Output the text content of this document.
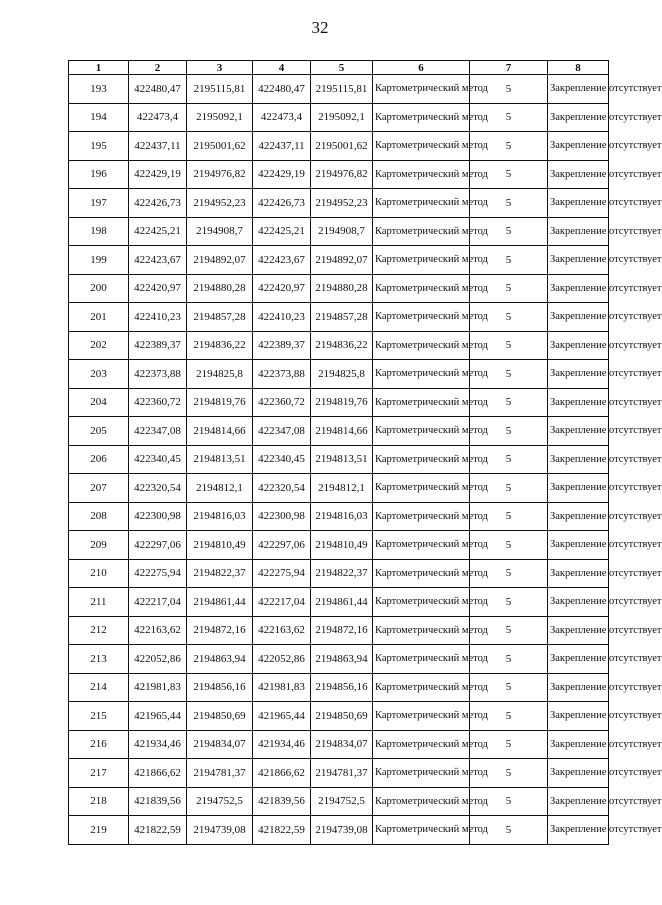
32
1	2	3	4	5	6	7	8
193	422480,47	2195115,81	422480,47	2195115,81	Картометрический метод	5	Закрепление отсутствует
194	422473,4	2195092,1	422473,4	2195092,1	Картометрический метод	5	Закрепление отсутствует
195	422437,11	2195001,62	422437,11	2195001,62	Картометрический метод	5	Закрепление отсутствует
196	422429,19	2194976,82	422429,19	2194976,82	Картометрический метод	5	Закрепление отсутствует
197	422426,73	2194952,23	422426,73	2194952,23	Картометрический метод	5	Закрепление отсутствует
198	422425,21	2194908,7	422425,21	2194908,7	Картометрический метод	5	Закрепление отсутствует
199	422423,67	2194892,07	422423,67	2194892,07	Картометрический метод	5	Закрепление отсутствует
200	422420,97	2194880,28	422420,97	2194880,28	Картометрический метод	5	Закрепление отсутствует
201	422410,23	2194857,28	422410,23	2194857,28	Картометрический метод	5	Закрепление отсутствует
202	422389,37	2194836,22	422389,37	2194836,22	Картометрический метод	5	Закрепление отсутствует
203	422373,88	2194825,8	422373,88	2194825,8	Картометрический метод	5	Закрепление отсутствует
204	422360,72	2194819,76	422360,72	2194819,76	Картометрический метод	5	Закрепление отсутствует
205	422347,08	2194814,66	422347,08	2194814,66	Картометрический метод	5	Закрепление отсутствует
206	422340,45	2194813,51	422340,45	2194813,51	Картометрический метод	5	Закрепление отсутствует
207	422320,54	2194812,1	422320,54	2194812,1	Картометрический метод	5	Закрепление отсутствует
208	422300,98	2194816,03	422300,98	2194816,03	Картометрический метод	5	Закрепление отсутствует
209	422297,06	2194810,49	422297,06	2194810,49	Картометрический метод	5	Закрепление отсутствует
210	422275,94	2194822,37	422275,94	2194822,37	Картометрический метод	5	Закрепление отсутствует
211	422217,04	2194861,44	422217,04	2194861,44	Картометрический метод	5	Закрепление отсутствует
212	422163,62	2194872,16	422163,62	2194872,16	Картометрический метод	5	Закрепление отсутствует
213	422052,86	2194863,94	422052,86	2194863,94	Картометрический метод	5	Закрепление отсутствует
214	421981,83	2194856,16	421981,83	2194856,16	Картометрический метод	5	Закрепление отсутствует
215	421965,44	2194850,69	421965,44	2194850,69	Картометрический метод	5	Закрепление отсутствует
216	421934,46	2194834,07	421934,46	2194834,07	Картометрический метод	5	Закрепление отсутствует
217	421866,62	2194781,37	421866,62	2194781,37	Картометрический метод	5	Закрепление отсутствует
218	421839,56	2194752,5	421839,56	2194752,5	Картометрический метод	5	Закрепление отсутствует
219	421822,59	2194739,08	421822,59	2194739,08	Картометрический метод	5	Закрепление отсутствует
